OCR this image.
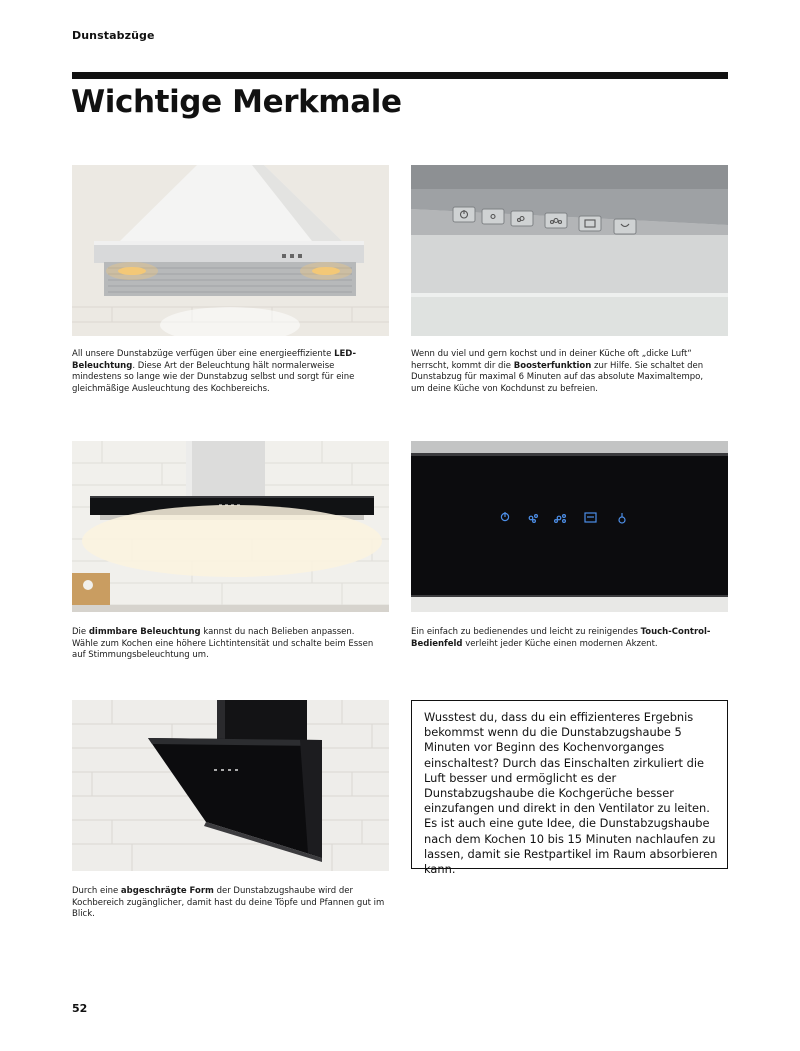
Dunstabzüge
Wichtige Merkmale

All unsere Dunstabzüge verfügen über eine energieeffiziente LED-Beleuchtung. Diese Art der Beleuchtung hält normalerweise mindestens so lange wie der Dunstabzug selbst und sorgt für eine gleichmäßige Ausleuchtung des Kochbereichs.

Wenn du viel und gern kochst und in deiner Küche oft „dicke Luft“ herrscht, kommt dir die Boosterfunktion zur Hilfe. Sie schaltet den Dunstabzug für maximal 6 Minuten auf das absolute Maximaltempo, um deine Küche von Kochdunst zu befreien.

Die dimmbare Beleuchtung kannst du nach Belieben anpassen. Wähle zum Kochen eine höhere Lichtintensität und schalte beim Essen auf Stimmungsbeleuchtung um.

Ein einfach zu bedienendes und leicht zu reinigendes Touch-Control-Bedienfeld verleiht jeder Küche einen modernen Akzent.

Durch eine abgeschrägte Form der Dunstabzugshaube wird der Kochbereich zugänglicher, damit hast du deine Töpfe und Pfannen gut im Blick.

Wusstest du, dass du ein effizienteres Ergebnis bekommst wenn du die Dunstabzugshaube 5 Minuten vor Beginn des Kochenvorganges einschaltest? Durch das Einschalten zirkuliert die Luft besser und ermöglicht es der Dunstabzugshaube die Kochgerüche besser einzufangen und direkt in den Ventilator zu leiten. Es ist auch eine gute Idee, die Dunstabzugshaube nach dem Kochen 10 bis 15 Minuten nachlaufen zu lassen, damit sie Restpartikel im Raum absorbieren kann.
52
